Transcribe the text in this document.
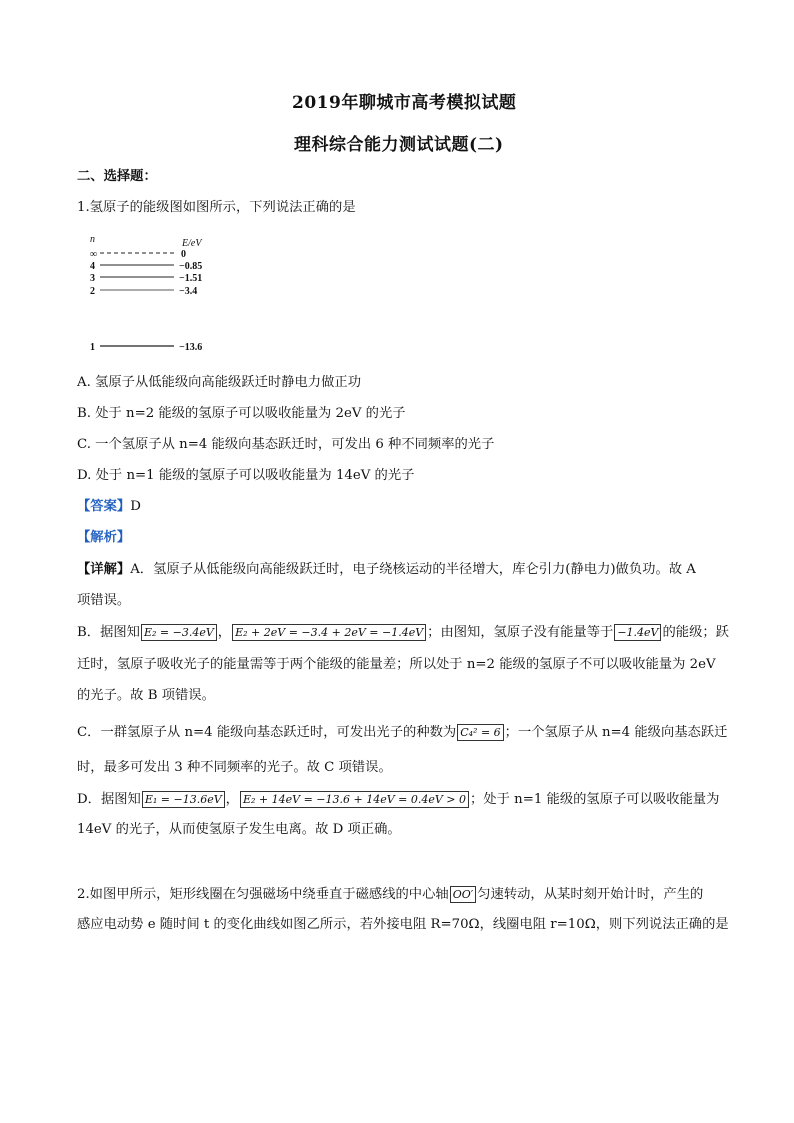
2019年聊城市高考模拟试题
理科综合能力测试试题(二)
二、选择题：
1.氢原子的能级图如图所示，下列说法正确的是
n	E/eV
∞	0
4	−0.85
3	−1.51
2	−3.4
1	−13.6
A. 氢原子从低能级向高能级跃迁时静电力做正功
B. 处于 n=2 能级的氢原子可以吸收能量为 2eV 的光子
C. 一个氢原子从 n=4 能级向基态跃迁时，可发出 6 种不同频率的光子
D. 处于 n=1 能级的氢原子可以吸收能量为 14eV 的光子
【答案】D
【解析】
【详解】A．氢原子从低能级向高能级跃迁时，电子绕核运动的半径增大，库仑引力(静电力)做负功。故 A
项错误。
B．据图知 E₂ = −3.4eV ， E₂ + 2eV = −3.4 + 2eV = −1.4eV ；由图知，氢原子没有能量等于 −1.4eV 的能级；跃
迁时，氢原子吸收光子的能量需等于两个能级的能量差；所以处于 n=2 能级的氢原子不可以吸收能量为 2eV
的光子。故 B 项错误。
C．一群氢原子从 n=4 能级向基态跃迁时，可发出光子的种数为 C₄² = 6 ；一个氢原子从 n=4 能级向基态跃迁
时，最多可发出 3 种不同频率的光子。故 C 项错误。
D．据图知 E₁ = −13.6eV ， E₂ + 14eV = −13.6 + 14eV = 0.4eV > 0 ；处于 n=1 能级的氢原子可以吸收能量为
14eV 的光子，从而使氢原子发生电离。故 D 项正确。
2.如图甲所示，矩形线圈在匀强磁场中绕垂直于磁感线的中心轴 OO′ 匀速转动，从某时刻开始计时，产生的
感应电动势 e 随时间 t 的变化曲线如图乙所示，若外接电阻 R=70Ω，线圈电阻 r=10Ω，则下列说法正确的是
